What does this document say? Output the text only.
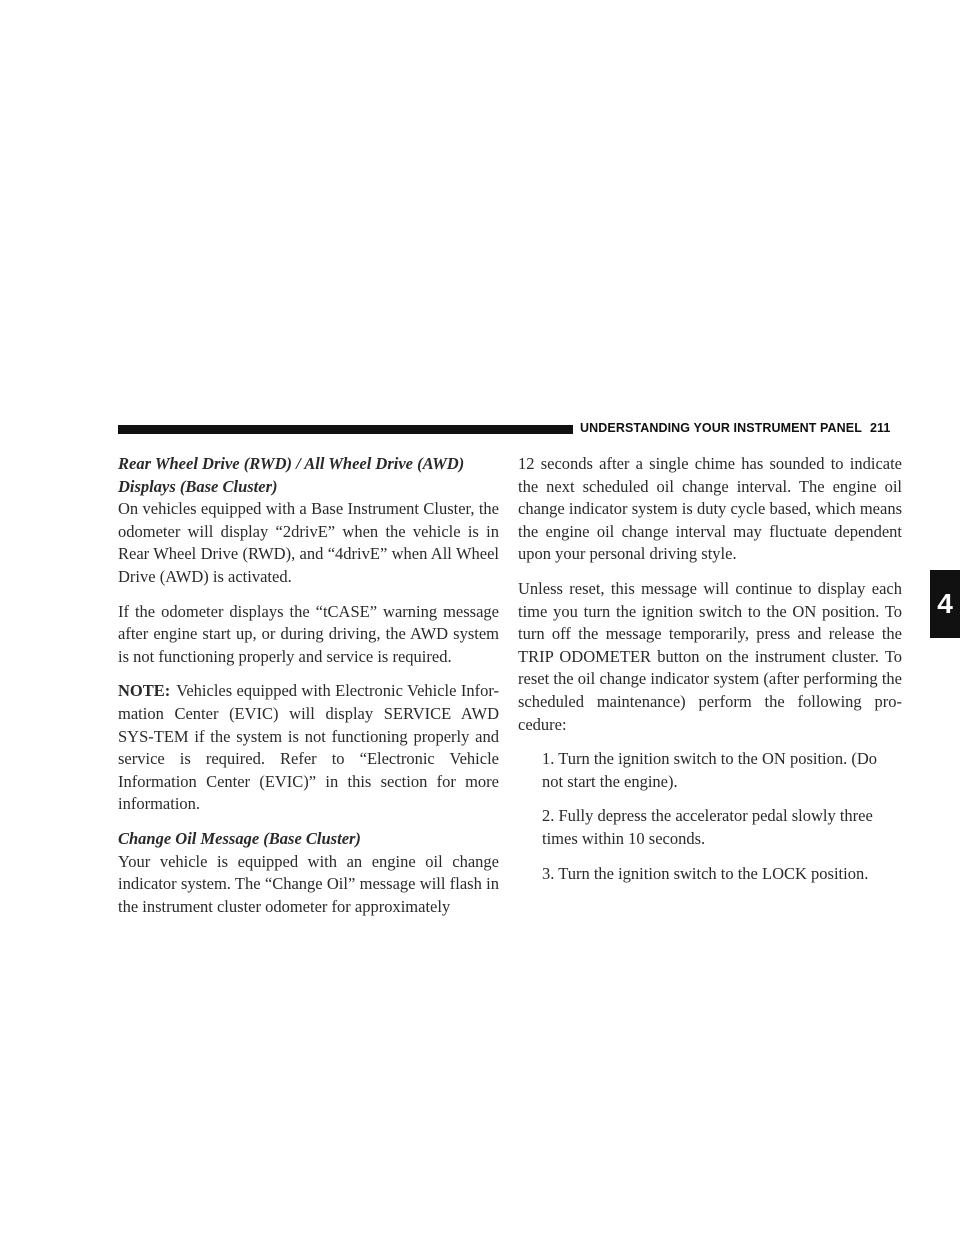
UNDERSTANDING YOUR INSTRUMENT PANEL 211
4

Rear Wheel Drive (RWD) / All Wheel Drive (AWD)
Displays (Base Cluster)

On vehicles equipped with a Base Instrument Cluster, the odometer will display “2drivE” when the vehicle is in Rear Wheel Drive (RWD), and “4drivE” when All Wheel Drive (AWD) is activated.

If the odometer displays the “tCASE” warning message after engine start up, or during driving, the AWD system is not functioning properly and service is required.

NOTE: Vehicles equipped with Electronic Vehicle Infor-mation Center (EVIC) will display SERVICE AWD SYS-TEM if the system is not functioning properly and service is required. Refer to “Electronic Vehicle Information Center (EVIC)” in this section for more information.

Change Oil Message (Base Cluster)

Your vehicle is equipped with an engine oil change indicator system. The “Change Oil” message will flash in the instrument cluster odometer for approximately

12 seconds after a single chime has sounded to indicate the next scheduled oil change interval. The engine oil change indicator system is duty cycle based, which means the engine oil change interval may fluctuate dependent upon your personal driving style.

Unless reset, this message will continue to display each time you turn the ignition switch to the ON position. To turn off the message temporarily, press and release the TRIP ODOMETER button on the instrument cluster. To reset the oil change indicator system (after performing the scheduled maintenance) perform the following pro-cedure:

1. Turn the ignition switch to the ON position. (Do not start the engine).

2. Fully depress the accelerator pedal slowly three times within 10 seconds.

3. Turn the ignition switch to the LOCK position.
